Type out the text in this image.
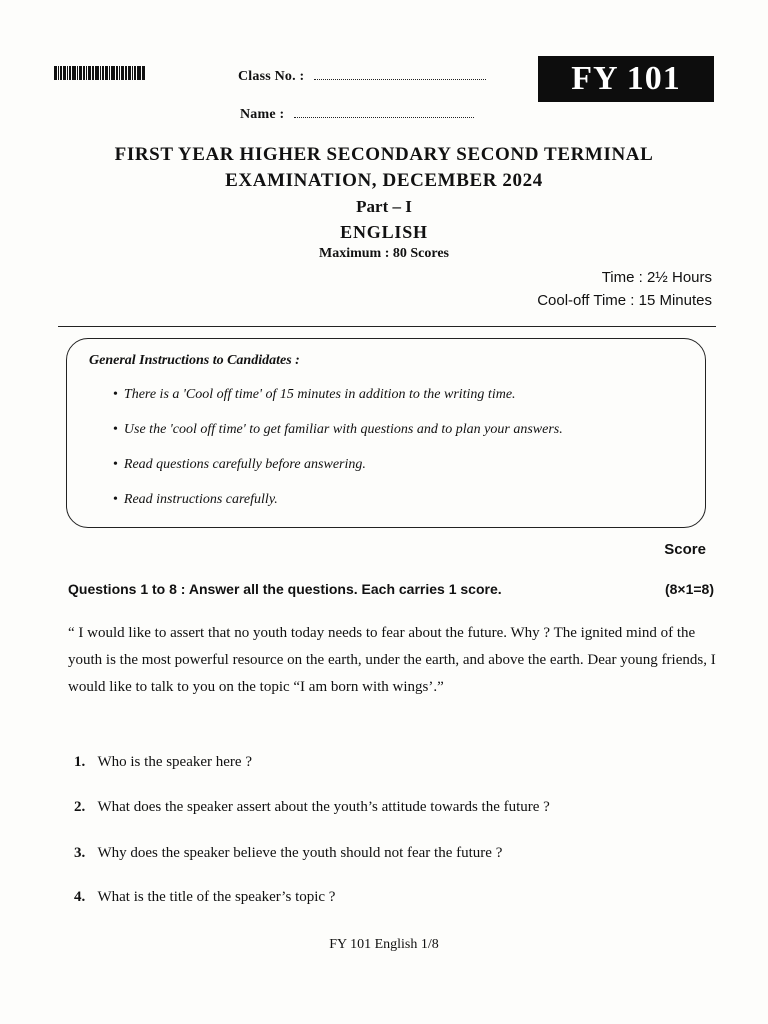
Class No. :
Name :
FY 101
FIRST YEAR HIGHER SECONDARY SECOND TERMINAL
EXAMINATION, DECEMBER 2024
Part – I
ENGLISH
Maximum : 80 Scores
Time : 2½ Hours
Cool-off Time : 15 Minutes
General Instructions to Candidates :
• There is a 'Cool off time' of 15 minutes in addition to the writing time.
• Use the 'cool off time' to get familiar with questions and to plan your answers.
• Read questions carefully before answering.
• Read instructions carefully.
Score
Questions 1 to 8 : Answer all the questions. Each carries 1 score.	(8×1=8)
“ I would like to assert that no youth today needs to fear about the future. Why ? The ignited mind of the youth is the most powerful resource on the earth, under the earth, and above the earth. Dear young friends, I would like to talk to you on the topic “I am born with wings’.”
1. Who is the speaker here ?
2. What does the speaker assert about the youth’s attitude towards the future ?
3. Why does the speaker believe the youth should not fear the future ?
4. What is the title of the speaker’s topic ?
FY 101 English 1/8
